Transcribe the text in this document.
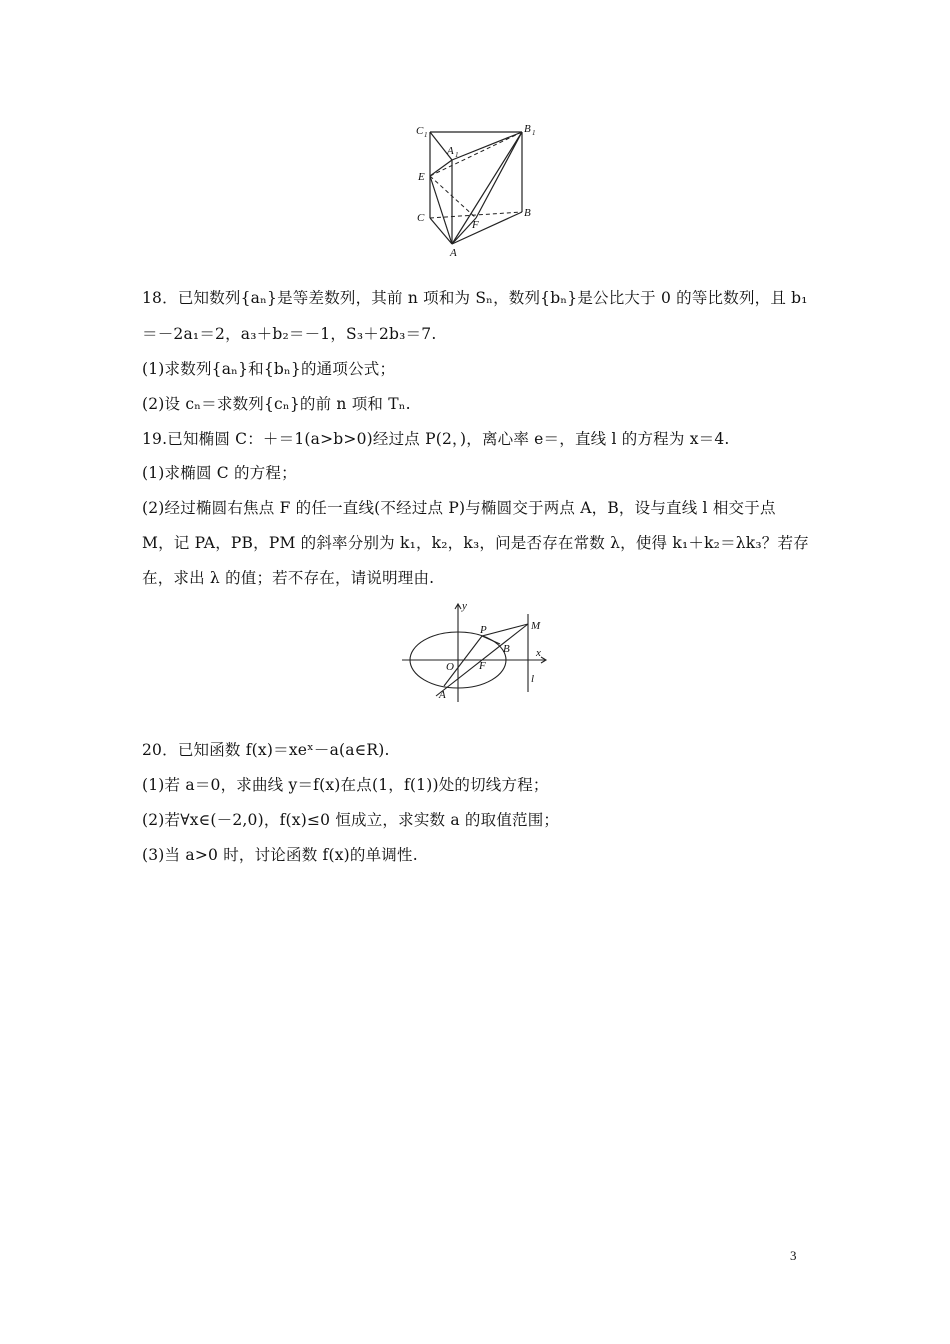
C 1	B 1
A 1
E
C	B
F
A
18．已知数列{aₙ}是等差数列，其前 n 项和为 Sₙ，数列{bₙ}是公比大于 0 的等比数列，且 b₁
＝－2a₁＝2，a₃＋b₂＝－1，S₃＋2b₃＝7.
(1)求数列{aₙ}和{bₙ}的通项公式；
(2)设 cₙ＝求数列{cₙ}的前 n 项和 Tₙ.
19.已知椭圆 C：＋＝1(a>b>0)经过点 P(2，)，离心率 e＝，直线 l 的方程为 x＝4.
(1)求椭圆 C 的方程；
(2)经过椭圆右焦点 F 的任一直线(不经过点 P)与椭圆交于两点 A，B，设与直线 l 相交于点
M，记 PA，PB，PM 的斜率分别为 k₁，k₂，k₃，问是否存在常数 λ，使得 k₁＋k₂＝λk₃？若存
在，求出 λ 的值；若不存在，请说明理由.
y
x
P	M
B
O F
A
l
20．已知函数 f(x)＝xeˣ－a(a∈R).
(1)若 a＝0，求曲线 y＝f(x)在点(1，f(1))处的切线方程；
(2)若∀x∈(－2,0)，f(x)≤0 恒成立，求实数 a 的取值范围；
(3)当 a>0 时，讨论函数 f(x)的单调性.
3
